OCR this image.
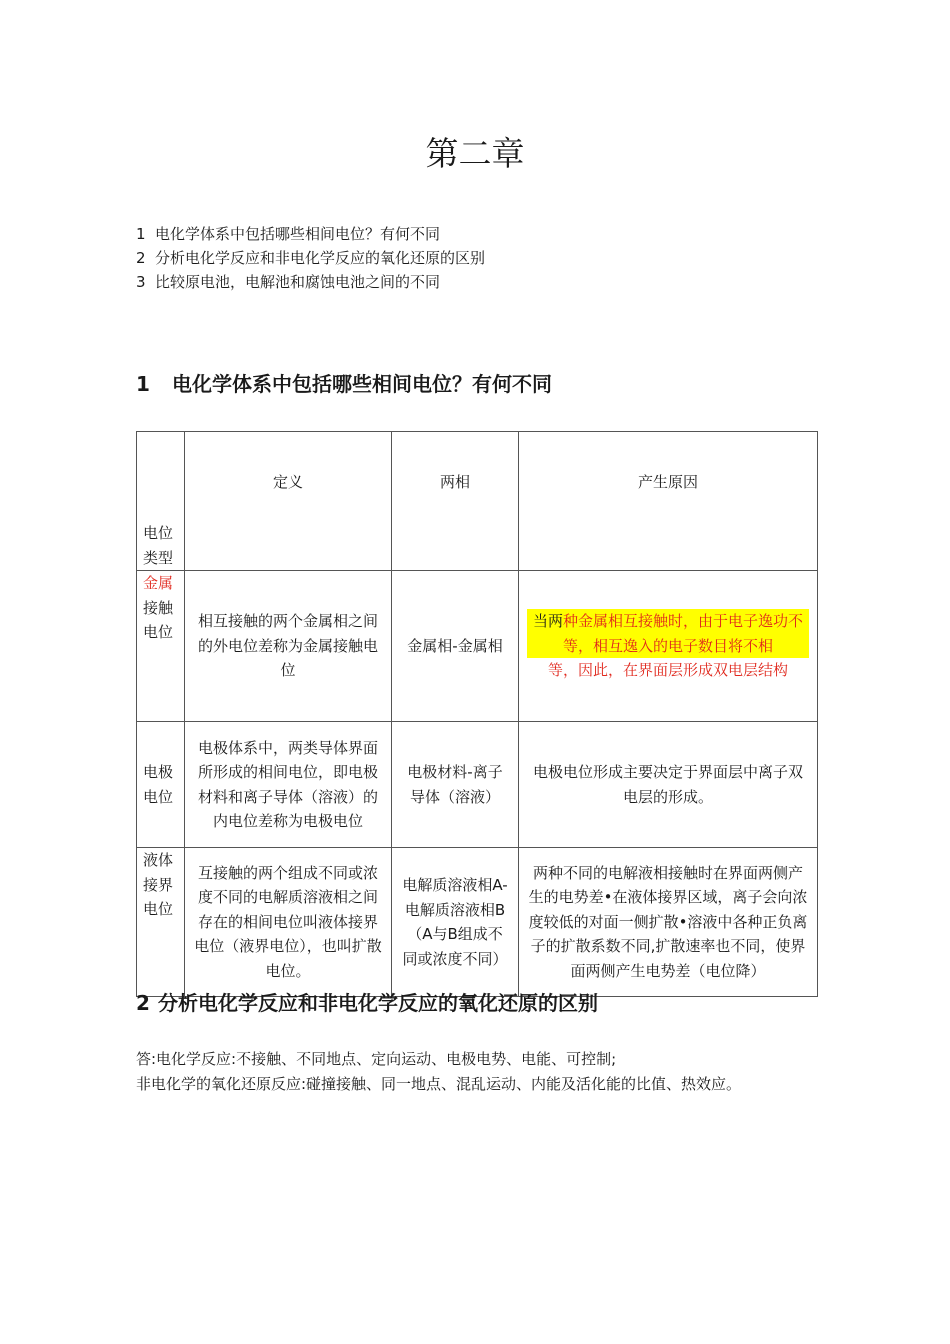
第二章
1 电化学体系中包括哪些相间电位？有何不同
2 分析电化学反应和非电化学反应的氧化还原的区别
3 比较原电池，电解池和腐蚀电池之间的不同
1 电化学体系中包括哪些相间电位？有何不同
电位类型	定义	两相	产生原因
金属接触电位	相互接触的两个金属相之间的外电位差称为金属接触电位	金属相-金属相	当两种金属相互接触时，由于电子逸功不等，相互逸入的电子数目将不相
等，因此，在界面层形成双电层结构
电极电位	电极体系中，两类导体界面所形成的相间电位，即电极材料和离子导体（溶液）的内电位差称为电极电位	电极材料-离子导体（溶液）	电极电位形成主要决定于界面层中离子双电层的形成。
液体接界电位	互接触的两个组成不同或浓度不同的电解质溶液相之间存在的相间电位叫液体接界电位（液界电位），也叫扩散电位。	电解质溶液相A-电解质溶液相B（A与B组成不同或浓度不同）	两种不同的电解液相接触时在界面两侧产生的电势差•在液体接界区域，离子会向浓度较低的对面一侧扩散•溶液中各种正负离子的扩散系数不同,扩散速率也不同，使界面两侧产生电势差（电位降）
2 分析电化学反应和非电化学反应的氧化还原的区别
答:电化学反应:不接触、不同地点、定向运动、电极电势、电能、可控制;
非电化学的氧化还原反应:碰撞接触、同一地点、混乱运动、内能及活化能的比值、热效应。
